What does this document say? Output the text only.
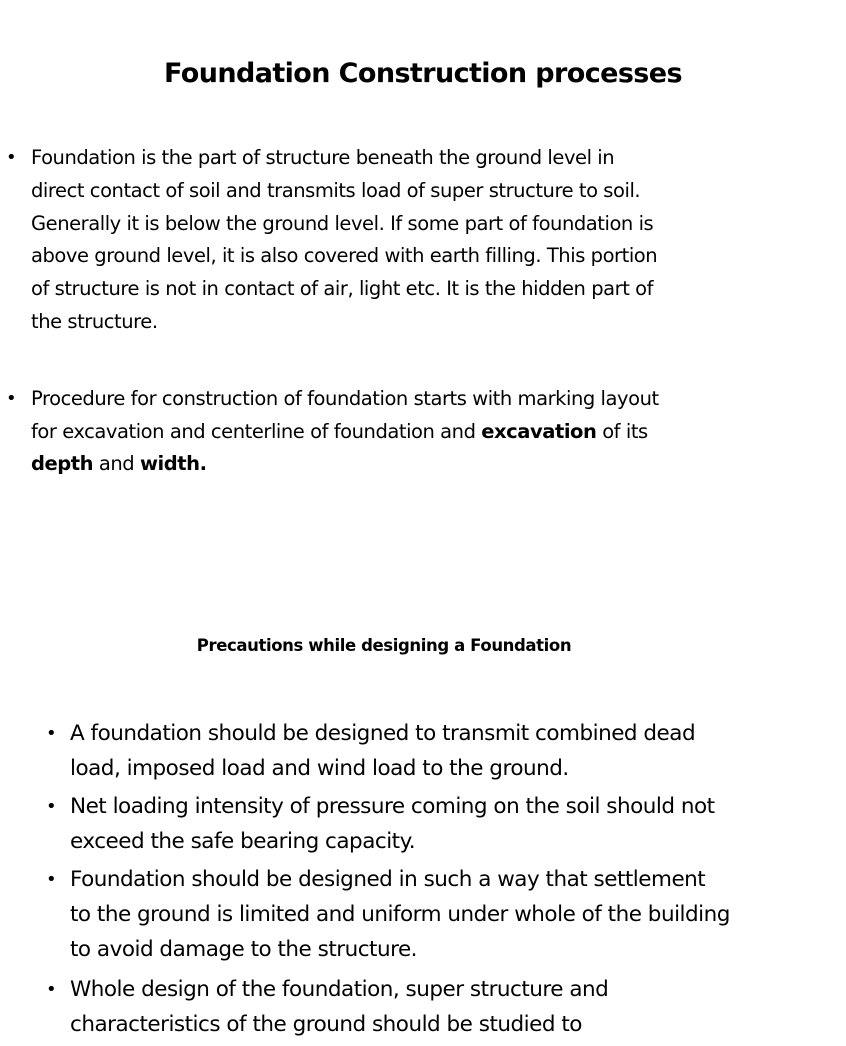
Foundation Construction processes
• Foundation is the part of structure beneath the ground level in direct contact of soil and transmits load of super structure to soil. Generally it is below the ground level. If some part of foundation is above ground level, it is also covered with earth filling. This portion of structure is not in contact of air, light etc. It is the hidden part of the structure.
• Procedure for construction of foundation starts with marking layout for excavation and centerline of foundation and excavation of its depth and width.
Precautions while designing a Foundation
• A foundation should be designed to transmit combined dead load, imposed load and wind load to the ground.
• Net loading intensity of pressure coming on the soil should not exceed the safe bearing capacity.
• Foundation should be designed in such a way that settlement to the ground is limited and uniform under whole of the building to avoid damage to the structure.
• Whole design of the foundation, super structure and characteristics of the ground should be studied to
